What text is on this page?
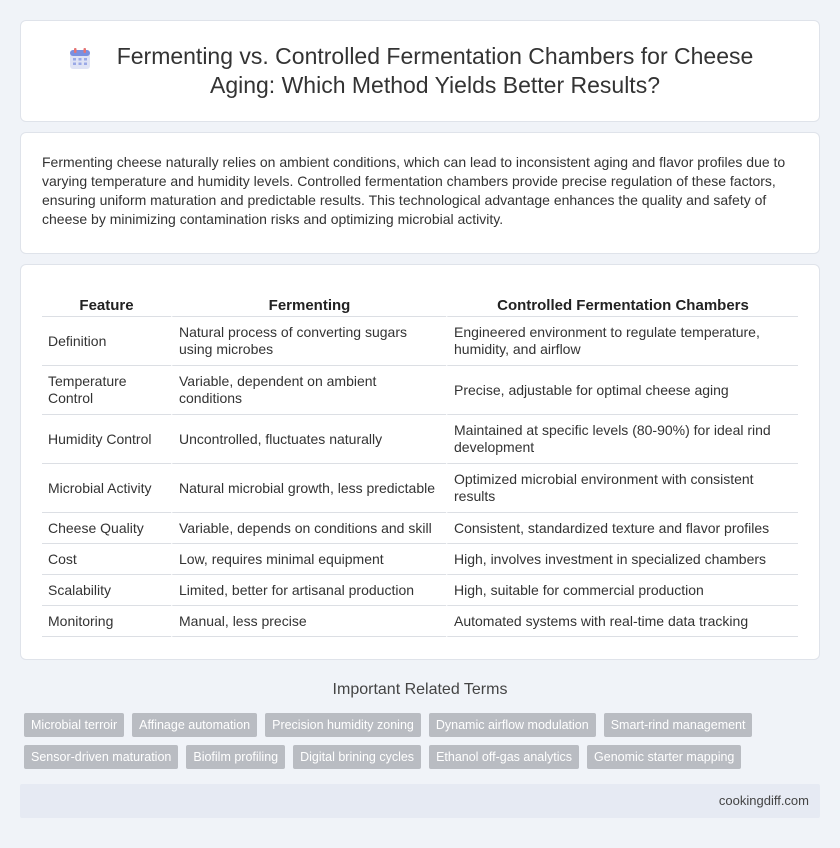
Fermenting vs. Controlled Fermentation Chambers for Cheese Aging: Which Method Yields Better Results?

Fermenting cheese naturally relies on ambient conditions, which can lead to inconsistent aging and flavor profiles due to varying temperature and humidity levels. Controlled fermentation chambers provide precise regulation of these factors, ensuring uniform maturation and predictable results. This technological advantage enhances the quality and safety of cheese by minimizing contamination risks and optimizing microbial activity.

Feature	Fermenting	Controlled Fermentation Chambers
Definition	Natural process of converting sugars using microbes	Engineered environment to regulate temperature, humidity, and airflow
Temperature Control	Variable, dependent on ambient conditions	Precise, adjustable for optimal cheese aging
Humidity Control	Uncontrolled, fluctuates naturally	Maintained at specific levels (80-90%) for ideal rind development
Microbial Activity	Natural microbial growth, less predictable	Optimized microbial environment with consistent results
Cheese Quality	Variable, depends on conditions and skill	Consistent, standardized texture and flavor profiles
Cost	Low, requires minimal equipment	High, involves investment in specialized chambers
Scalability	Limited, better for artisanal production	High, suitable for commercial production
Monitoring	Manual, less precise	Automated systems with real-time data tracking
Important Related Terms
Microbial terroir	Affinage automation	Precision humidity zoning	Dynamic airflow modulation	Smart-rind management
Sensor-driven maturation	Biofilm profiling	Digital brining cycles	Ethanol off-gas analytics	Genomic starter mapping
cookingdiff.com
